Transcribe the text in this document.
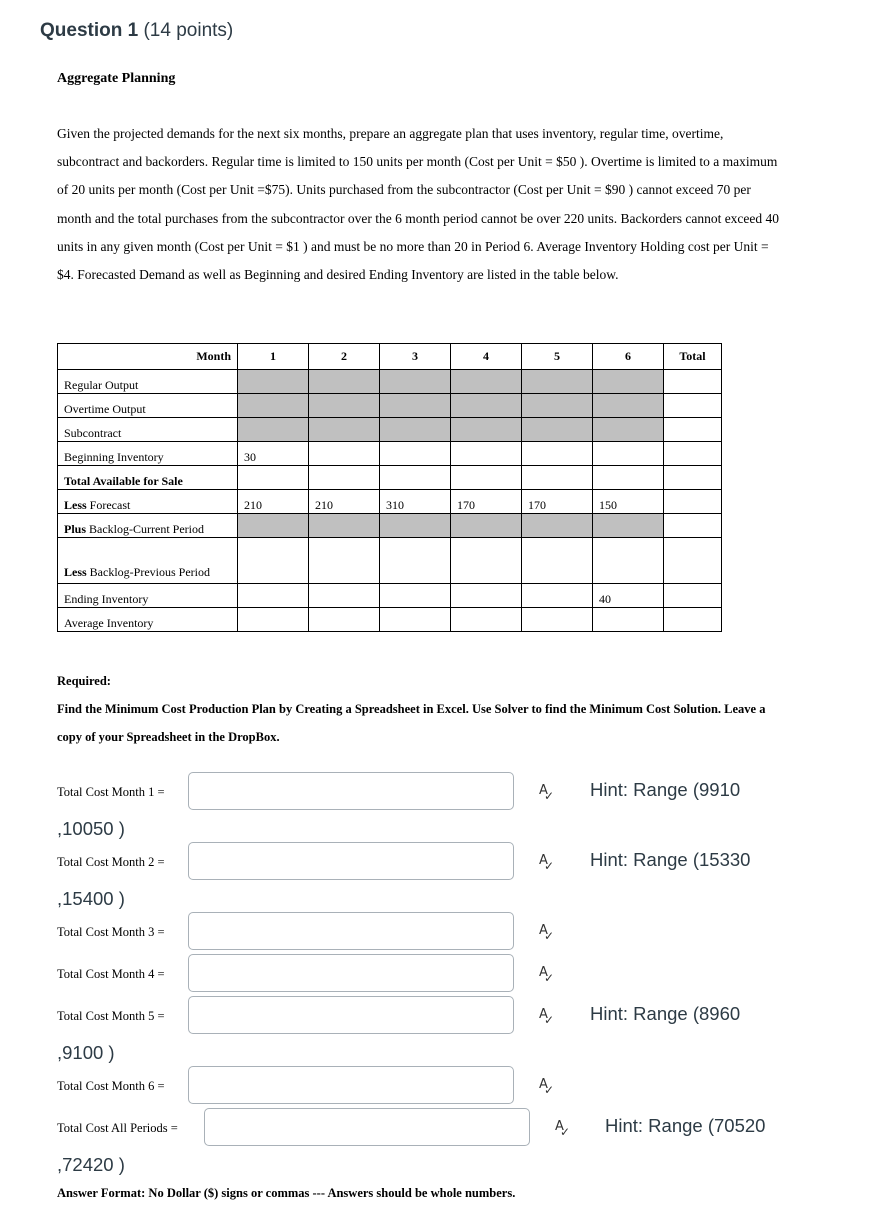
Question 1 (14 points)
Aggregate Planning
Given the projected demands for the next six months, prepare an aggregate plan that uses inventory, regular time, overtime, subcontract and backorders. Regular time is limited to 150 units per month (Cost per Unit = $50 ). Overtime is limited to a maximum of 20 units per month (Cost per Unit =$75). Units purchased from the subcontractor (Cost per Unit = $90 ) cannot exceed 70 per month and the total purchases from the subcontractor over the 6 month period cannot be over 220 units. Backorders cannot exceed 40 units in any given month (Cost per Unit = $1 ) and must be no more than 20 in Period 6. Average Inventory Holding cost per Unit = $4. Forecasted Demand as well as Beginning and desired Ending Inventory are listed in the table below.
Month	1	2	3	4	5	6	Total
Regular Output							
Overtime Output							
Subcontract							
Beginning Inventory	30						
Total Available for Sale							
Less Forecast	210	210	310	170	170	150	
Plus Backlog-Current Period							
Less Backlog-Previous Period							
Ending Inventory						40	
Average Inventory							
Required:
Find the Minimum Cost Production Plan by Creating a Spreadsheet in Excel. Use Solver to find the Minimum Cost Solution. Leave a copy of your Spreadsheet in the DropBox.
Total Cost Month 1 =	A
✓ Hint: Range (9910
,10050 )
Total Cost Month 2 =	A
✓ Hint: Range (15330
,15400 )
Total Cost Month 3 =	A
✓
Total Cost Month 4 =	A
✓
Total Cost Month 5 =	A
✓ Hint: Range (8960
,9100 )
Total Cost Month 6 =	A
✓
Total Cost All Periods =	A
✓ Hint: Range (70520
,72420 )
Answer Format: No Dollar ($) signs or commas --- Answers should be whole numbers.
